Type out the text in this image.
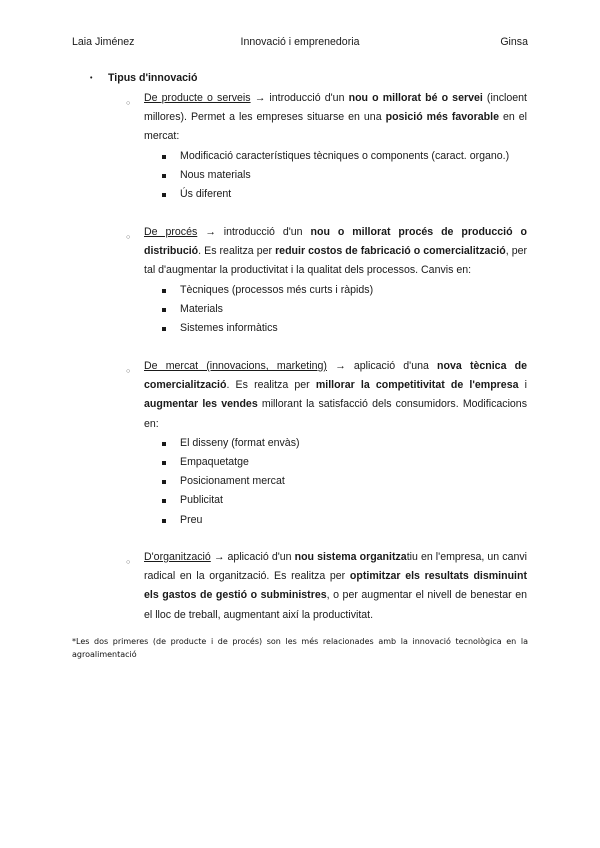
Laia Jiménez	Innovació i emprenedoria	Ginsa
• Tipus d'innovació
○ De producte o serveis → introducció d'un nou o millorat bé o servei (incloent millores). Permet a les empreses situarse en una posició més favorable en el mercat:
Modificació característiques tècniques o components (caract. organo.)
Nous materials
Ús diferent
○ De procés → introducció d'un nou o millorat procés de producció o distribució. Es realitza per reduir costos de fabricació o comercialització, per tal d'augmentar la productivitat i la qualitat dels processos. Canvis en:
Tècniques (processos més curts i ràpids)
Materials
Sistemes informàtics
○ De mercat (innovacions, marketing) → aplicació d'una nova tècnica de comercialització. Es realitza per millorar la competitivitat de l'empresa i augmentar les vendes millorant la satisfacció dels consumidors. Modificacions en:
El disseny (format envàs)
Empaquetatge
Posicionament mercat
Publicitat
Preu
○ D'organització → aplicació d'un nou sistema organitzatiu en l'empresa, un canvi radical en la organització. Es realitza per optimitzar els resultats disminuint els gastos de gestió o subministres, o per augmentar el nivell de benestar en el lloc de treball, augmentant així la productivitat.
*Les dos primeres (de producte i de procés) son les més relacionades amb la innovació tecnològica en la agroalimentació
